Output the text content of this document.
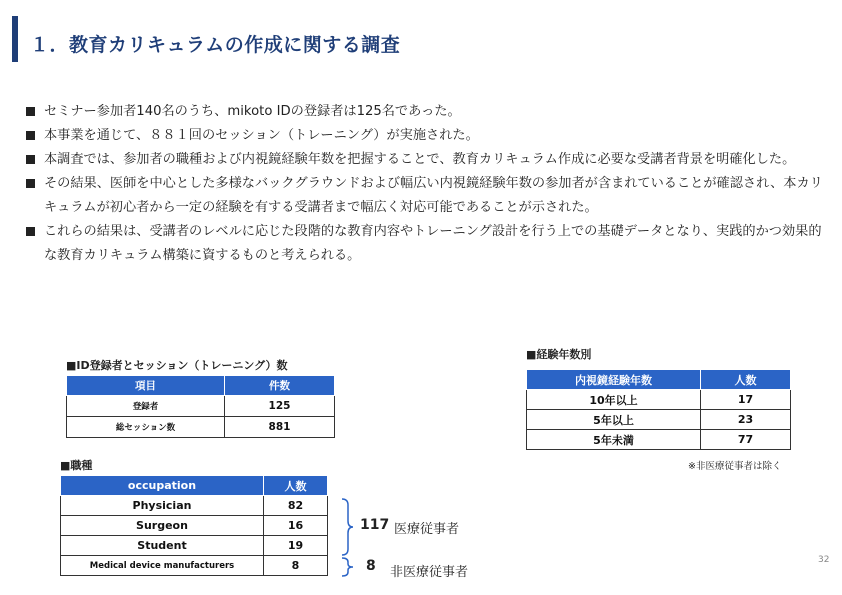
１．教育カリキュラムの作成に関する調査
セミナー参加者140名のうち、mikoto IDの登録者は125名であった。
本事業を通じて、８８１回のセッション（トレーニング）が実施された。
本調査では、参加者の職種および内視鏡経験年数を把握することで、教育カリキュラム作成に必要な受講者背景を明確化した。
その結果、医師を中心とした多様なバックグラウンドおよび幅広い内視鏡経験年数の参加者が含まれていることが確認され、本カリキュラムが初心者から一定の経験を有する受講者まで幅広く対応可能であることが示された。
これらの結果は、受講者のレベルに応じた段階的な教育内容やトレーニング設計を行う上での基礎データとなり、実践的かつ効果的な教育カリキュラム構築に資するものと考えられる。
■ID登録者とセッション（トレーニング）数
項目	件数
登録者	125
総セッション数	881
■経験年数別
内視鏡経験年数	人数
10年以上	17
5年以上	23
5年未満	77
※非医療従事者は除く
■職種
occupation	人数
Physician	82
Surgeon	16
Student	19
Medical device manufacturers	8
117 医療従事者
8 非医療従事者
32
